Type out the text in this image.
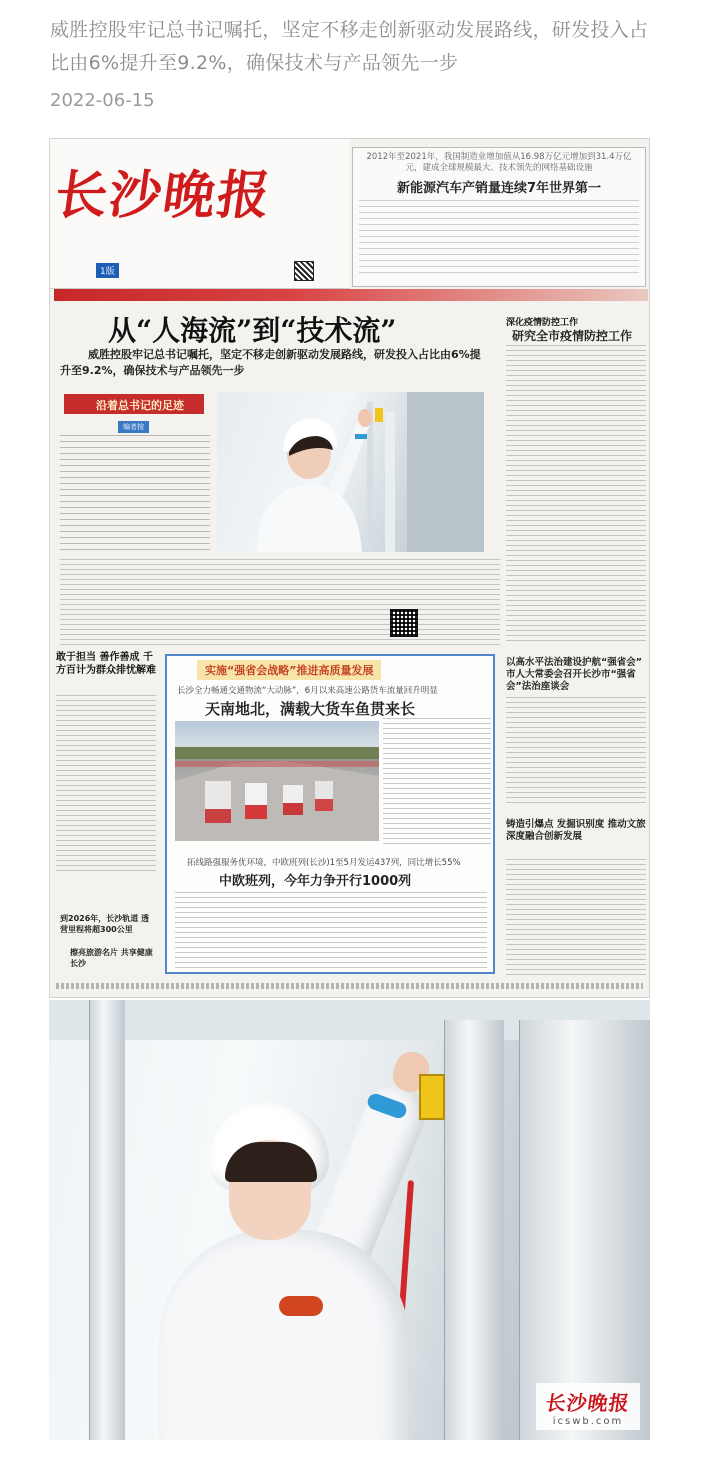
威胜控股牢记总书记嘱托，坚定不移走创新驱动发展路线，研发投入占比由6%提升至9.2%，确保技术与产品领先一步
2022-06-15
长沙晚报
1版
2012年至2021年，我国制造业增加值从16.98万亿元增加到31.4万亿元，建成全球规模最大、技术领先的网络基础设施
新能源汽车产销量连续7年世界第一
从“人海流”到“技术流”
威胜控股牢记总书记嘱托，坚定不移走创新驱动发展路线，研发投入占比由6%提升至9.2%，确保技术与产品领先一步
沿着总书记的足迹
编者按
深化疫情防控工作
研究全市疫情防控工作
敢于担当 善作善成 千方百计为群众排忧解难
到2026年，长沙轨道 透营里程将超300公里
擦亮旅游名片 共享健康长沙
实施“强省会战略”推进高质量发展
长沙全力畅通交通物流“大动脉”，6月以来高速公路货车流量回升明显
天南地北，满载大货车鱼贯来长
拓线路强服务优环境，中欧班列(长沙)1至5月发运437列，同比增长55%
中欧班列，今年力争开行1000列
以高水平法治建设护航“强省会” 市人大常委会召开长沙市“强省会”法治座谈会
铸造引爆点 发掘识别度 推动文旅深度融合创新发展
长沙晚报
icswb.com
